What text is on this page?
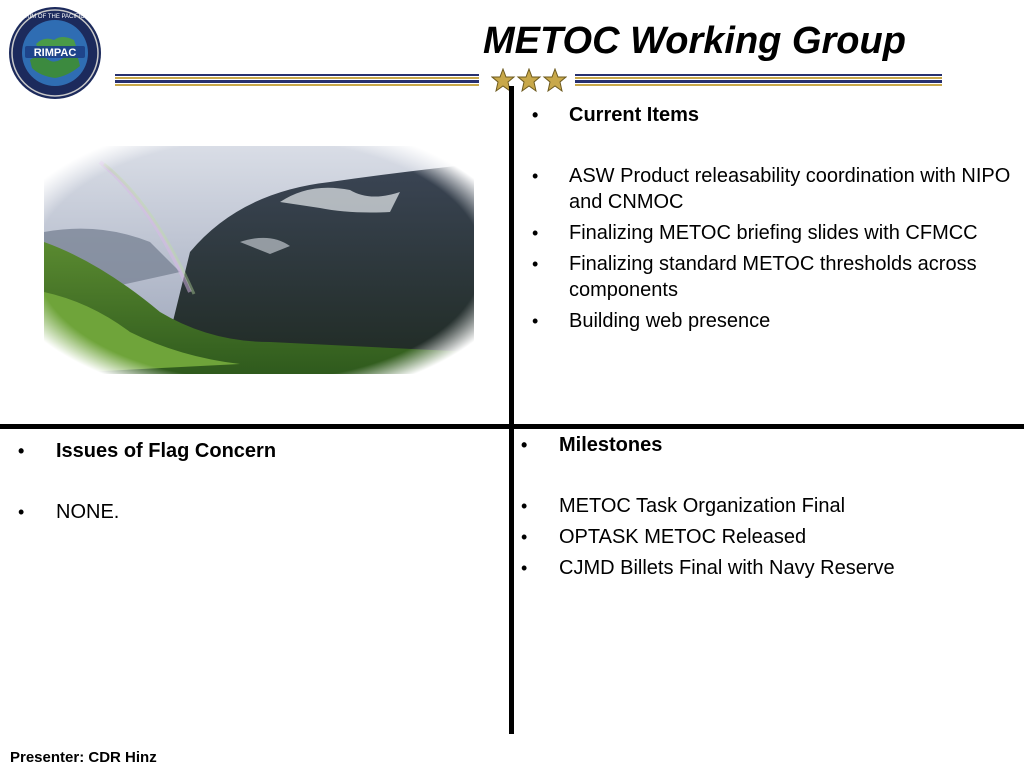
RIMPAC
RIM OF THE PACIFIC
METOC Working Group
• Current Items
• ASW Product releasability coordination with NIPO and CNMOC
• Finalizing METOC briefing slides with CFMCC
• Finalizing standard METOC thresholds across components
• Building web presence
• Issues of Flag Concern
• NONE.
• Milestones
• METOC Task Organization Final
• OPTASK METOC Released
• CJMD Billets Final with Navy Reserve
Presenter: CDR Hinz
